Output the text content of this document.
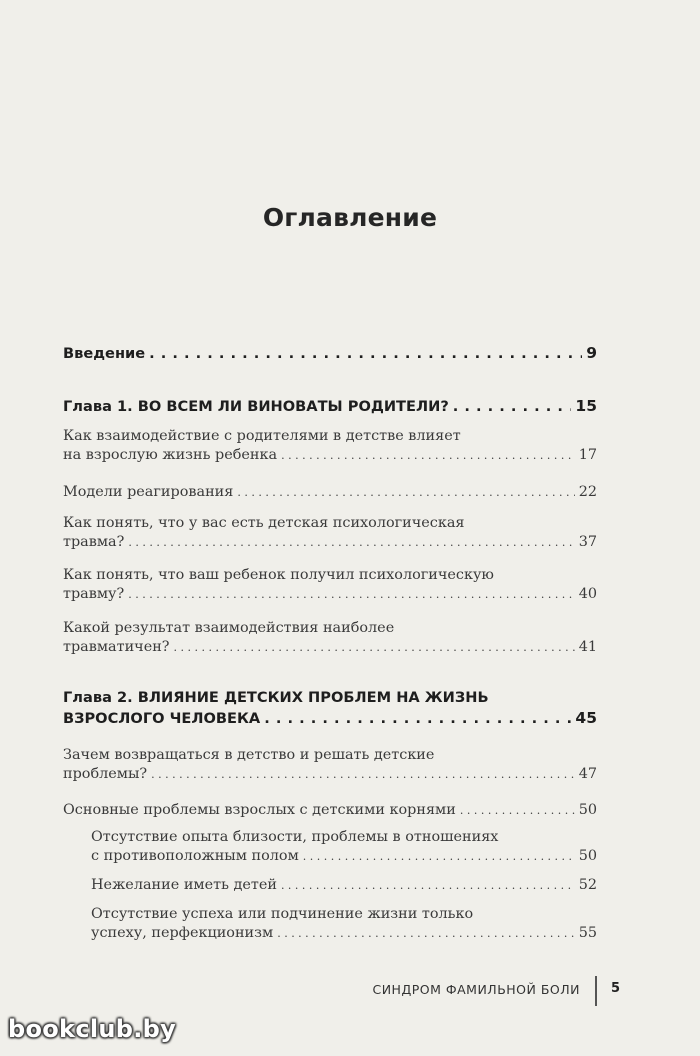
Оглавление
Введение . . .	9
Глава 1. ВО ВСЕМ ЛИ ВИНОВАТЫ РОДИТЕЛИ? . . .	15
Как взаимодействие с родителями в детстве влияет
на взрослую жизнь ребенка . . .	17
Модели реагирования . . .	22
Как понять, что у вас есть детская психологическая
травма? . . .	37
Как понять, что ваш ребенок получил психологическую
травму? . . .	40
Какой результат взаимодействия наиболее
травматичен? . . .	41
Глава 2. ВЛИЯНИЕ ДЕТСКИХ ПРОБЛЕМ НА ЖИЗНЬ
ВЗРОСЛОГО ЧЕЛОВЕКА . . .	45
Зачем возвращаться в детство и решать детские
проблемы? . . .	47
Основные проблемы взрослых с детскими корнями . . .	50
Отсутствие опыта близости, проблемы в отношениях
с противоположным полом . . .	50
Нежелание иметь детей . . .	52
Отсутствие успеха или подчинение жизни только
успеху, перфекционизм . . .	55
СИНДРОМ ФАМИЛЬНОЙ БОЛИ 5
bookclub.by
